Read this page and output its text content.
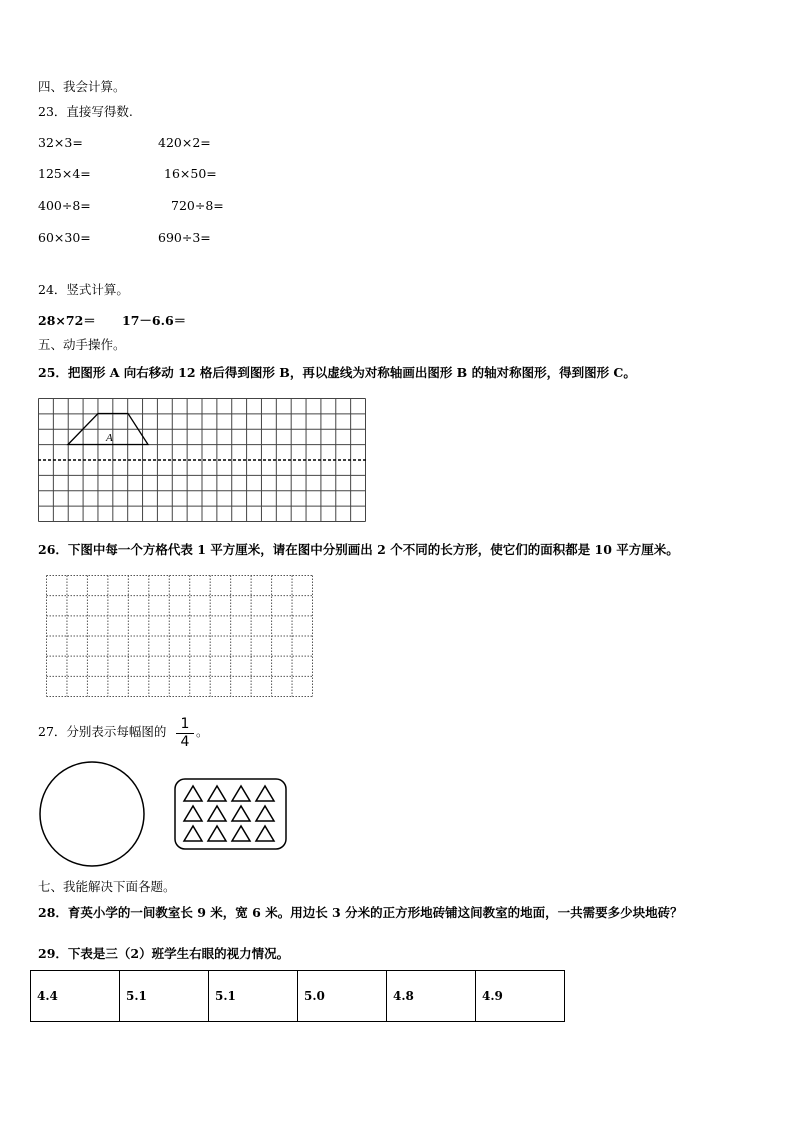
四、我会计算。
23．直接写得数.
32×3=	420×2=
125×4=	16×50=
400÷8=	720÷8=
60×30=	690÷3=
24．竖式计算。
28×72＝ 17－6.6＝
五、动手操作。
25．把图形 A 向右移动 12 格后得到图形 B，再以虚线为对称轴画出图形 B 的轴对称图形，得到图形 C。
A
26．下图中每一个方格代表 1 平方厘米，请在图中分别画出 2 个不同的长方形，使它们的面积都是 10 平方厘米。
27．分别表示每幅图的 $\frac{1}{4}$ 。
七、我能解决下面各题。
28．育英小学的一间教室长 9 米，宽 6 米。用边长 3 分米的正方形地砖铺这间教室的地面，一共需要多少块地砖？
29．下表是三（2）班学生右眼的视力情况。
4.4	5.1	5.1	5.0	4.8	4.9
